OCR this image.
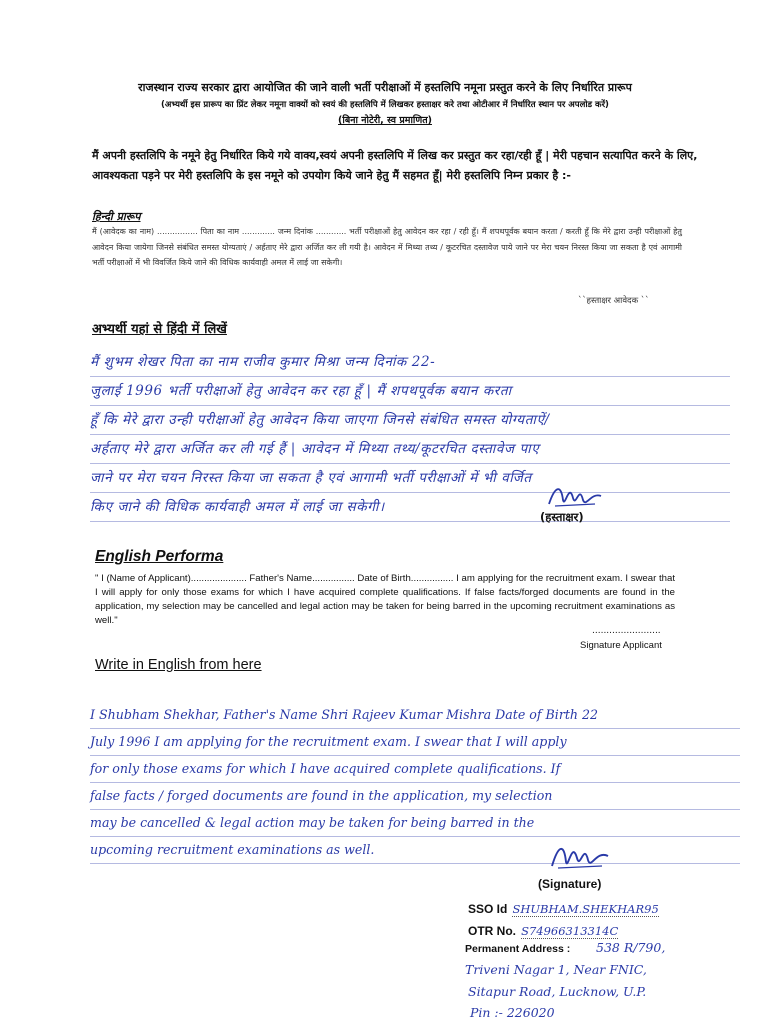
राजस्थान राज्य सरकार द्वारा आयोजित की जाने वाली भर्ती परीक्षाओं में हस्तलिपि नमूना प्रस्तुत करने के लिए निर्धारित प्रारूप
(अभ्यर्थी इस प्रारूप का प्रिंट लेकर नमूना वाक्यों को स्वयं की हस्तलिपि में लिखकर हस्ताक्षर करे तथा ओटीआर में निर्धारित स्थान पर अपलोड करें)
(बिना नोटेरी, स्व प्रमाणित)
मैं अपनी हस्तलिपि के नमूने हेतु निर्धारित किये गये वाक्य,स्वयं अपनी हस्तलिपि में लिख कर प्रस्तुत कर रहा/रही हूँ | मेरी पहचान सत्यापित करने के लिए, आवश्यकता पड़ने पर मेरी हस्तलिपि के इस नमूने को उपयोग किये जाने हेतु मैं सहमत हूँ| मेरी हस्तलिपि निम्न प्रकार है :-
हिन्दी प्रारूप
मैं (आवेदक का नाम) ................ पिता का नाम ............. जन्म दिनांक ............ भर्ती परीक्षाओं हेतु आवेदन कर रहा / रही हूँ। मैं शपथपूर्वक बयान करता / करती हूँ कि मेरे द्वारा उन्ही परीक्षाओं हेतु आवेदन किया जायेगा जिनसे संबंधित समस्त योग्यताएं / अर्हताए मेरे द्वारा अर्जित कर ली गयी है। आवेदन में मिथ्या तथ्य / कूटरचित दस्तावेज पाये जाने पर मेरा चयन निरस्त किया जा सकता है एवं आगामी भर्ती परीक्षाओं में भी विवर्जित किये जाने की विधिक कार्यवाही अमल में लाई जा सकेगी।
``हस्ताक्षर आवेदक ``
अभ्यर्थी यहां से हिंदी में लिखें
मैं शुभम शेखर पिता का नाम राजीव कुमार मिश्रा जन्म दिनांक 22-
जुलाई 1996 भर्ती परीक्षाओं हेतु आवेदन कर रहा हूँ | मैं शपथपूर्वक बयान करता
हूँ कि मेरे द्वारा उन्ही परीक्षाओं हेतु आवेदन किया जाएगा जिनसे संबंधित समस्त योग्यताऐं/
अर्हताए मेरे द्वारा अर्जित कर ली गई हैं | आवेदन में मिथ्या तथ्य/कूटरचित दस्तावेज पाए
जाने पर मेरा चयन निरस्त किया जा सकता है एवं आगामी भर्ती परीक्षाओं में भी वर्जित
किए जाने की विधिक कार्यवाही अमल में लाई जा सकेगी।
(हस्ताक्षर)
English Performa
" I (Name of Applicant)..................... Father's Name................ Date of Birth................ I am applying for the recruitment exam. I swear that I will apply for only those exams for which I have acquired complete qualifications. If false facts/forged documents are found in the application, my selection may be cancelled and legal action may be taken for being barred in the upcoming recruitment examinations as well."
........................
Signature Applicant
Write in English from here
I Shubham Shekhar, Father's Name Shri Rajeev Kumar Mishra Date of Birth 22
July 1996 I am applying for the recruitment exam. I swear that I will apply
for only those exams for which I have acquired complete qualifications. If
false facts / forged documents are found in the application, my selection
may be cancelled & legal action may be taken for being barred in the
upcoming recruitment examinations as well.
(Signature)
SSO Id SHUBHAM.SHEKHAR95
OTR No. S74966313314C
Permanent Address : 538 R/790,
Triveni Nagar 1, Near FNIC,
Sitapur Road, Lucknow, U.P.
Pin :- 226020
